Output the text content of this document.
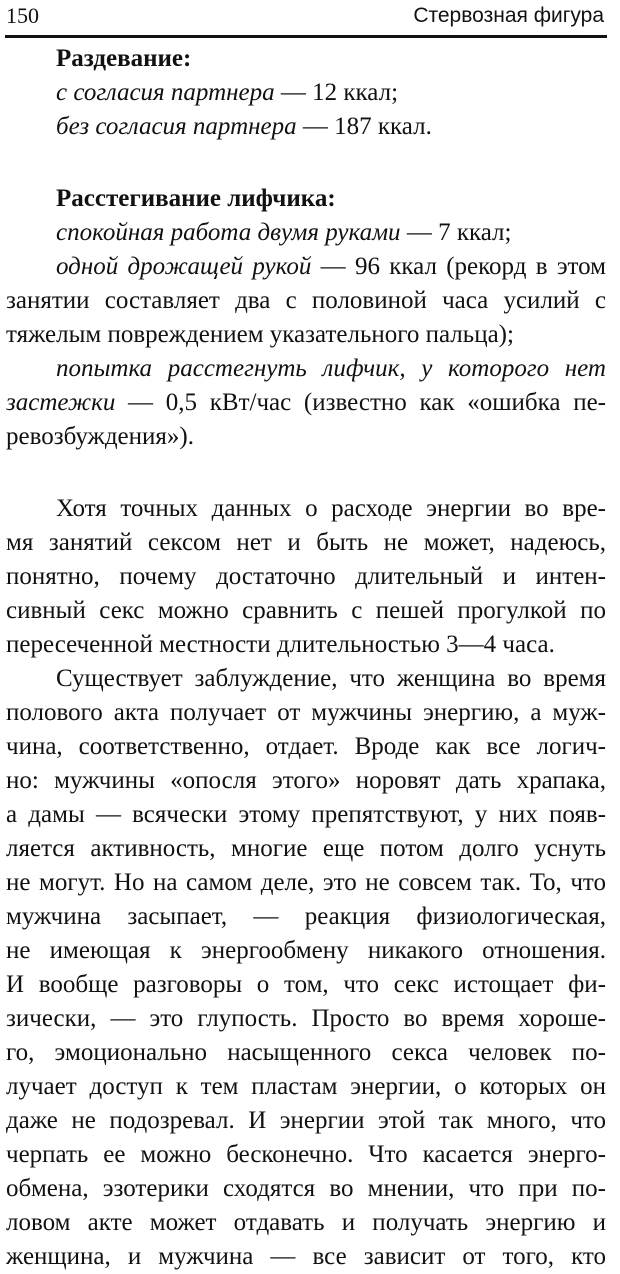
150	Стервозная фигура
Раздевание:
с согласия партнера — 12 ккал;
без согласия партнера — 187 ккал.
Расстегивание лифчика:
спокойная работа двумя руками — 7 ккал;
одной дрожащей рукой — 96 ккал (рекорд в этом
занятии составляет два с половиной часа усилий с
тяжелым повреждением указательного пальца);
попытка расстегнуть лифчик, у которого нет
застежки — 0,5 кВт/час (известно как «ошибка пе-
ревозбуждения»).
Хотя точных данных о расходе энергии во вре-
мя занятий сексом нет и быть не может, надеюсь,
понятно, почему достаточно длительный и интен-
сивный секс можно сравнить с пешей прогулкой по
пересеченной местности длительностью 3—4 часа.
Существует заблуждение, что женщина во время
полового акта получает от мужчины энергию, а муж-
чина, соответственно, отдает. Вроде как все логич-
но: мужчины «опосля этого» норовят дать храпака,
а дамы — всячески этому препятствуют, у них появ-
ляется активность, многие еще потом долго уснуть
не могут. Но на самом деле, это не совсем так. То, что
мужчина засыпает, — реакция физиологическая,
не имеющая к энергообмену никакого отношения.
И вообще разговоры о том, что секс истощает фи-
зически, — это глупость. Просто во время хороше-
го, эмоционально насыщенного секса человек по-
лучает доступ к тем пластам энергии, о которых он
даже не подозревал. И энергии этой так много, что
черпать ее можно бесконечно. Что касается энерго-
обмена, эзотерики сходятся во мнении, что при по-
ловом акте может отдавать и получать энергию и
женщина, и мужчина — все зависит от того, кто
